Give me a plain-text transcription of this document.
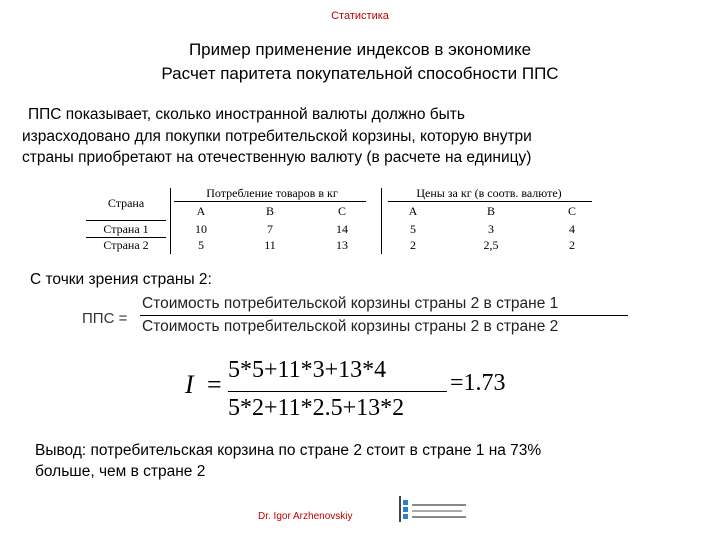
Статистика
Пример применение индексов в экономике
Расчет паритета покупательной способности ППС
ППС показывает, сколько иностранной валюты должно быть
израсходовано для покупки потребительской корзины, которую внутри
страны приобретают на отечественную валюту (в расчете на единицу)
Страна
Потребление товаров в кг	Цены за кг (в соотв. валюте)
A	B	C	A	B	C
Страна 1	10	7	14	5	3	4
Страна 2	5	11	13	2	2,5	2
С точки зрения страны 2:
ППС =
Стоимость потребительской корзины страны 2 в стране 1
Стоимость потребительской корзины страны 2 в стране 2
I = 5*5+11*3+13*4
5*2+11*2.5+13*2
=1.73
Вывод: потребительская корзина по стране 2 стоит в стране 1 на 73%
больше, чем в стране 2
Dr. Igor Arzhenovskiy
